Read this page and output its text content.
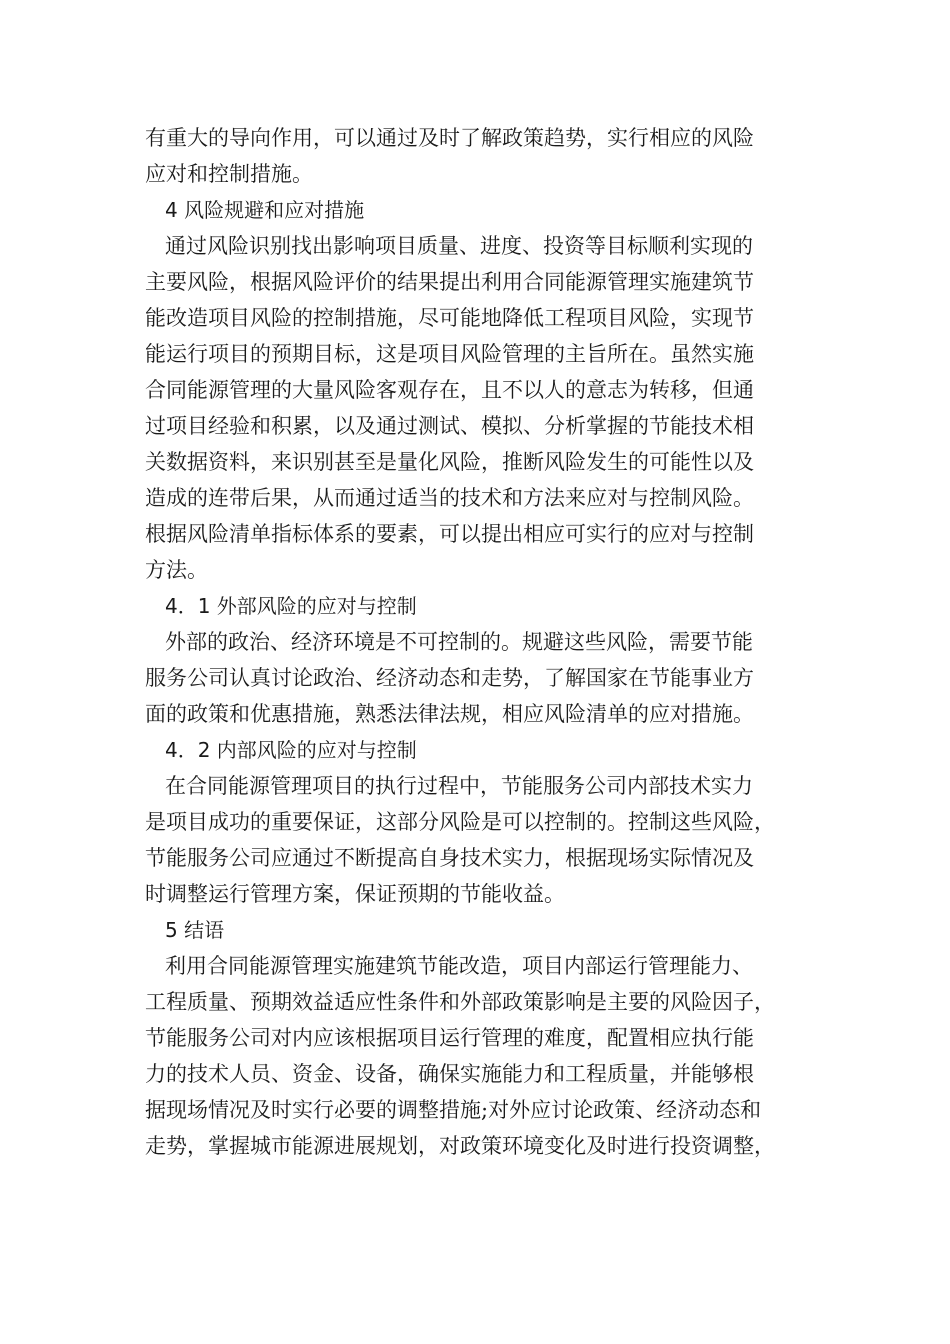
有重大的导向作用，可以通过及时了解政策趋势，实行相应的风险
应对和控制措施。
4 风险规避和应对措施
通过风险识别找出影响项目质量、进度、投资等目标顺利实现的
主要风险，根据风险评价的结果提出利用合同能源管理实施建筑节
能改造项目风险的控制措施，尽可能地降低工程项目风险，实现节
能运行项目的预期目标，这是项目风险管理的主旨所在。虽然实施
合同能源管理的大量风险客观存在，且不以人的意志为转移，但通
过项目经验和积累，以及通过测试、模拟、分析掌握的节能技术相
关数据资料，来识别甚至是量化风险，推断风险发生的可能性以及
造成的连带后果，从而通过适当的技术和方法来应对与控制风险。
根据风险清单指标体系的要素，可以提出相应可实行的应对与控制
方法。
4．1 外部风险的应对与控制
外部的政治、经济环境是不可控制的。规避这些风险，需要节能
服务公司认真讨论政治、经济动态和走势，了解国家在节能事业方
面的政策和优惠措施，熟悉法律法规，相应风险清单的应对措施。
4．2 内部风险的应对与控制
在合同能源管理项目的执行过程中，节能服务公司内部技术实力
是项目成功的重要保证，这部分风险是可以控制的。控制这些风险，
节能服务公司应通过不断提高自身技术实力，根据现场实际情况及
时调整运行管理方案，保证预期的节能收益。
5 结语
利用合同能源管理实施建筑节能改造，项目内部运行管理能力、
工程质量、预期效益适应性条件和外部政策影响是主要的风险因子，
节能服务公司对内应该根据项目运行管理的难度，配置相应执行能
力的技术人员、资金、设备，确保实施能力和工程质量，并能够根
据现场情况及时实行必要的调整措施;对外应讨论政策、经济动态和
走势，掌握城市能源进展规划，对政策环境变化及时进行投资调整，
